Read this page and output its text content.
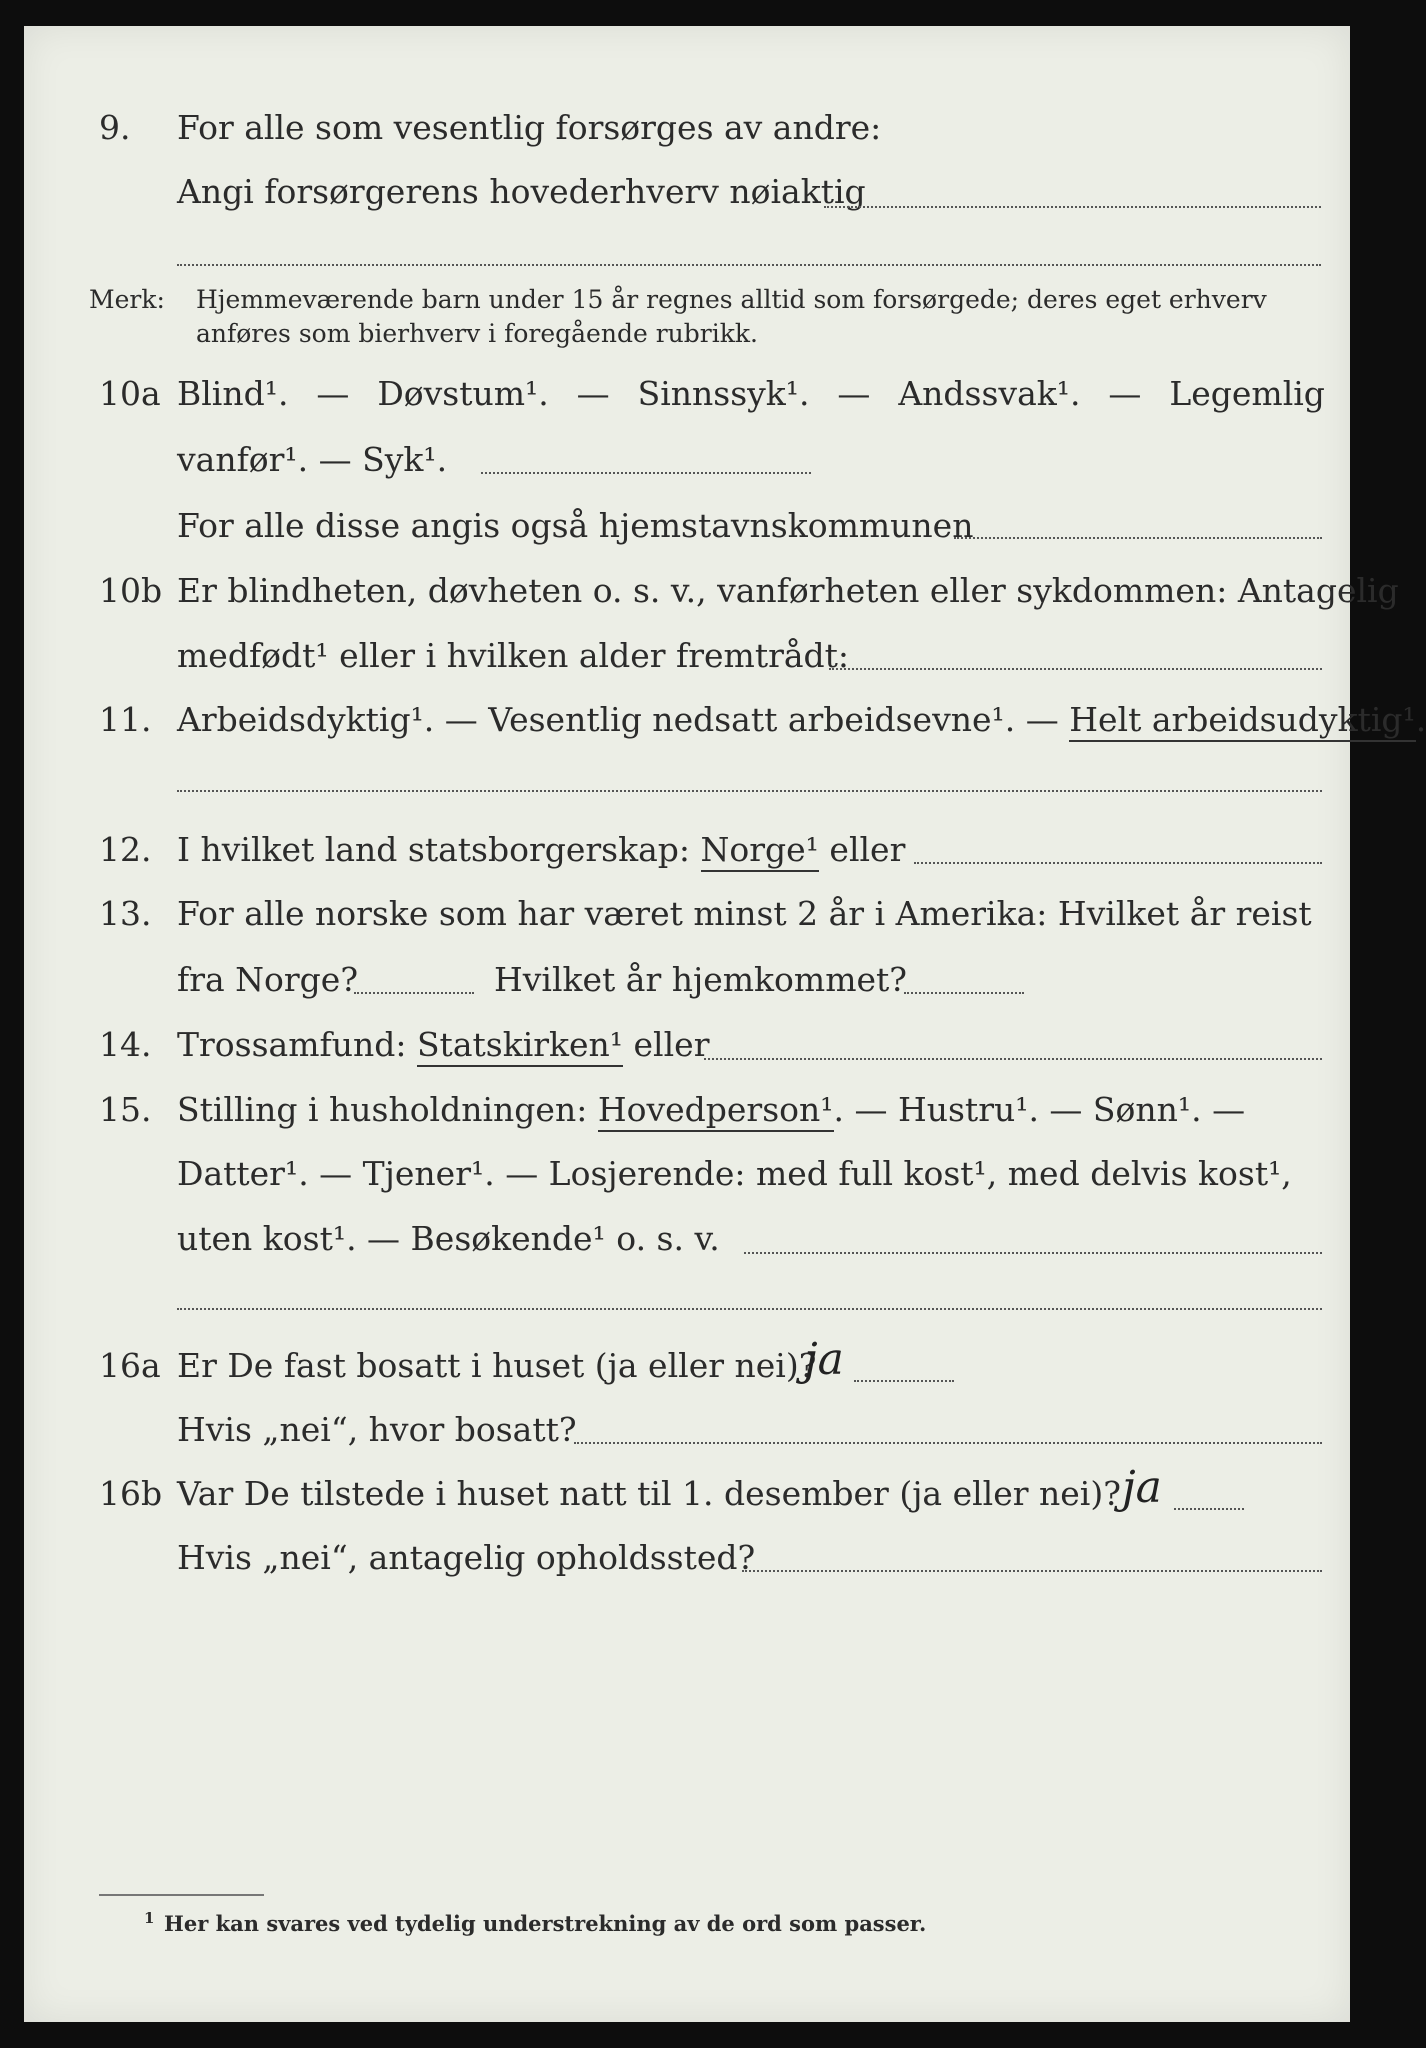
9. For alle som vesentlig forsørges av andre:
Angi forsørgerens hovederhverv nøiaktig
Merk: Hjemmeværende barn under 15 år regnes alltid som forsørgede; deres eget erhverv
anføres som bierhverv i foregående rubrikk.
10a Blind¹. — Døvstum¹. — Sinnssyk¹. — Andssvak¹. — Legemlig
vanfør¹. — Syk¹.
For alle disse angis også hjemstavnskommunen
10b Er blindheten, døvheten o. s. v., vanførheten eller sykdommen: Antagelig
medfødt¹ eller i hvilken alder fremtrådt:
11. Arbeidsdyktig¹. — Vesentlig nedsatt arbeidsevne¹. — Helt arbeidsudyktig¹.
12. I hvilket land statsborgerskap: Norge¹ eller
13. For alle norske som har været minst 2 år i Amerika: Hvilket år reist
fra Norge?	Hvilket år hjemkommet?
14. Trossamfund: Statskirken¹ eller
15. Stilling i husholdningen: Hovedperson¹. — Hustru¹. — Sønn¹. —
Datter¹. — Tjener¹. — Losjerende: med full kost¹, med delvis kost¹,
uten kost¹. — Besøkende¹ o. s. v.
16a Er De fast bosatt i huset (ja eller nei)?
ja
Hvis „nei“, hvor bosatt?
16b Var De tilstede i huset natt til 1. desember (ja eller nei)? ja
Hvis „nei“, antagelig opholdssted?
1 Her kan svares ved tydelig understrekning av de ord som passer.
